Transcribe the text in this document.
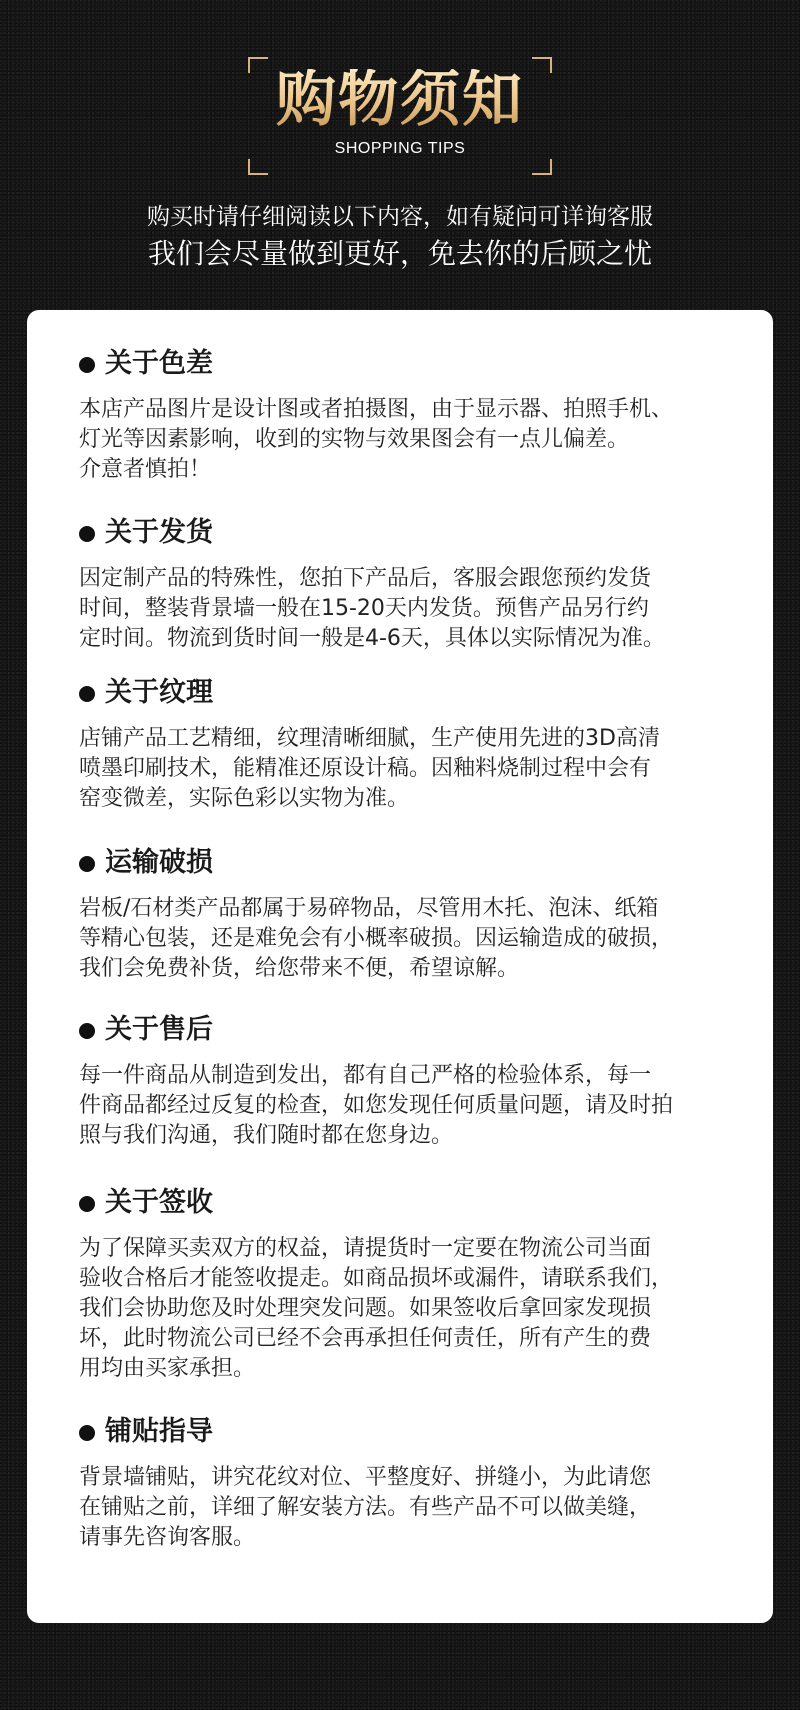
购物须知
SHOPPING TIPS
购买时请仔细阅读以下内容，如有疑问可详询客服
我们会尽量做到更好，免去你的后顾之忧
关于色差
本店产品图片是设计图或者拍摄图，由于显示器、拍照手机、
灯光等因素影响，收到的实物与效果图会有一点儿偏差。
介意者慎拍！
关于发货
因定制产品的特殊性，您拍下产品后，客服会跟您预约发货
时间，整装背景墙一般在15-20天内发货。预售产品另行约
定时间。物流到货时间一般是4-6天，具体以实际情况为准。
关于纹理
店铺产品工艺精细，纹理清晰细腻，生产使用先进的3D高清
喷墨印刷技术，能精准还原设计稿。因釉料烧制过程中会有
窑变微差，实际色彩以实物为准。
运输破损
岩板/石材类产品都属于易碎物品，尽管用木托、泡沫、纸箱
等精心包装，还是难免会有小概率破损。因运输造成的破损，
我们会免费补货，给您带来不便，希望谅解。
关于售后
每一件商品从制造到发出，都有自己严格的检验体系，每一
件商品都经过反复的检查，如您发现任何质量问题，请及时拍
照与我们沟通，我们随时都在您身边。
关于签收
为了保障买卖双方的权益，请提货时一定要在物流公司当面
验收合格后才能签收提走。如商品损坏或漏件，请联系我们，
我们会协助您及时处理突发问题。如果签收后拿回家发现损
坏，此时物流公司已经不会再承担任何责任，所有产生的费
用均由买家承担。
铺贴指导
背景墙铺贴，讲究花纹对位、平整度好、拼缝小，为此请您
在铺贴之前，详细了解安装方法。有些产品不可以做美缝，
请事先咨询客服。
